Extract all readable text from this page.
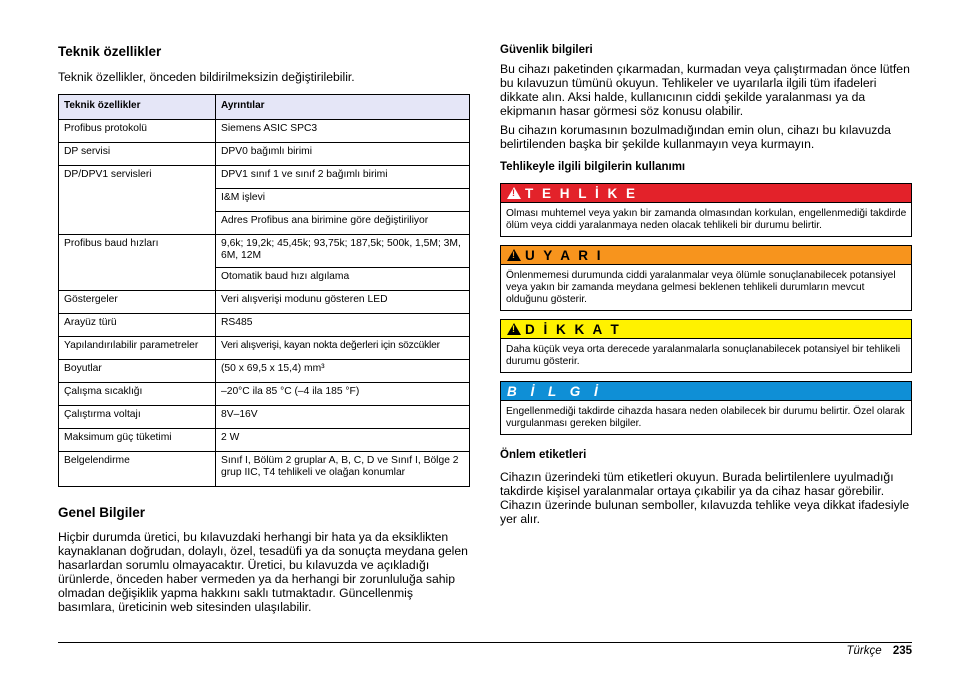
Teknik özellikler

Teknik özellikler, önceden bildirilmeksizin değiştirilebilir.

Teknik özellikler	Ayrıntılar
Profibus protokolü	Siemens ASIC SPC3
DP servisi	DPV0 bağımlı birimi
DP/DPV1 servisleri	DPV1 sınıf 1 ve sınıf 2 bağımlı birimi
	I&M işlevi
	Adres Profibus ana birimine göre değiştiriliyor
Profibus baud hızları	9,6k; 19,2k; 45,45k; 93,75k; 187,5k; 500k, 1,5M; 3M, 6M, 12M
	Otomatik baud hızı algılama
Göstergeler	Veri alışverişi modunu gösteren LED
Arayüz türü	RS485
Yapılandırılabilir parametreler	Veri alışverişi, kayan nokta değerleri için sözcükler
Boyutlar	(50 x 69,5 x 15,4) mm³
Çalışma sıcaklığı	–20°C ila 85 °C (–4 ila 185 °F)
Çalıştırma voltajı	8V–16V
Maksimum güç tüketimi	2 W
Belgelendirme	Sınıf I, Bölüm 2 gruplar A, B, C, D ve Sınıf I, Bölge 2 grup IIC, T4 tehlikeli ve olağan konumlar
Genel Bilgiler

Hiçbir durumda üretici, bu kılavuzdaki herhangi bir hata ya da eksiklikten kaynaklanan doğrudan, dolaylı, özel, tesadüfi ya da sonuçta meydana gelen hasarlardan sorumlu olmayacaktır. Üretici, bu kılavuzda ve açıkladığı ürünlerde, önceden haber vermeden ya da herhangi bir zorunluluğa sahip olmadan değişiklik yapma hakkını saklı tutmaktadır. Güncellenmiş basımlara, üreticinin web sitesinden ulaşılabilir.

Güvenlik bilgileri

Bu cihazı paketinden çıkarmadan, kurmadan veya çalıştırmadan önce lütfen bu kılavuzun tümünü okuyun. Tehlikeler ve uyarılarla ilgili tüm ifadeleri dikkate alın. Aksi halde, kullanıcının ciddi şekilde yaralanması ya da ekipmanın hasar görmesi söz konusu olabilir.

Bu cihazın korumasının bozulmadığından emin olun, cihazı bu kılavuzda belirtilenden başka bir şekilde kullanmayın veya kurmayın.

Tehlikeyle ilgili bilgilerin kullanımı
! T E H L İ K E
Olması muhtemel veya yakın bir zamanda olmasından korkulan, engellenmediği takdirde ölüm veya ciddi yaralanmaya neden olacak tehlikeli bir durumu belirtir.
! U Y A R I
Önlenmemesi durumunda ciddi yaralanmalar veya ölümle sonuçlanabilecek potansiyel veya yakın bir zamanda meydana gelmesi beklenen tehlikeli durumların mevcut olduğunu gösterir.
! D İ K K A T
Daha küçük veya orta derecede yaralanmalarla sonuçlanabilecek potansiyel bir tehlikeli durumu gösterir.
B İ L G İ
Engellenmediği takdirde cihazda hasara neden olabilecek bir durumu belirtir. Özel olarak vurgulanması gereken bilgiler.
Önlem etiketleri

Cihazın üzerindeki tüm etiketleri okuyun. Burada belirtilenlere uyulmadığı takdirde kişisel yaralanmalar ortaya çıkabilir ya da cihaz hasar görebilir. Cihazın üzerinde bulunan semboller, kılavuzda tehlike veya dikkat ifadesiyle yer alır.

Türkçe 235
